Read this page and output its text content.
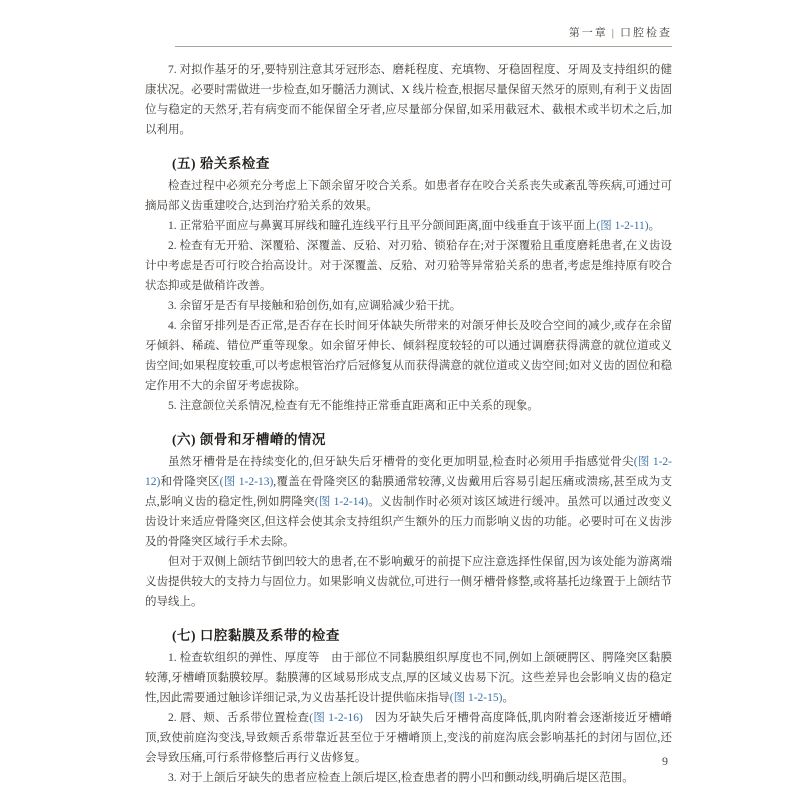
第一章 | 口腔检查

7. 对拟作基牙的牙,要特别注意其牙冠形态、磨耗程度、充填物、牙稳固程度、牙周及支持组织的健康状况。必要时需做进一步检查,如牙髓活力测试、X 线片检查,根据尽量保留天然牙的原则,有利于义齿固位与稳定的天然牙,若有病变而不能保留全牙者,应尽量部分保留,如采用截冠术、截根术或半切术之后,加以利用。

(五) 𬌗关系检查

检查过程中必须充分考虑上下颌余留牙咬合关系。如患者存在咬合关系丧失或紊乱等疾病,可通过可摘局部义齿重建咬合,达到治疗𬌗关系的效果。

1. 正常𬌗平面应与鼻翼耳屏线和瞳孔连线平行且平分颌间距离,面中线垂直于该平面上(图 1-2-11)。

2. 检查有无开𬌗、深覆𬌗、深覆盖、反𬌗、对刃𬌗、锁𬌗存在;对于深覆𬌗且重度磨耗患者,在义齿设计中考虑是否可行咬合抬高设计。对于深覆盖、反𬌗、对刃𬌗等异常𬌗关系的患者,考虑是维持原有咬合状态抑或是做稍许改善。

3. 余留牙是否有早接触和𬌗创伤,如有,应调𬌗减少𬌗干扰。

4. 余留牙排列是否正常,是否存在长时间牙体缺失所带来的对颌牙伸长及咬合空间的减少,或存在余留牙倾斜、稀疏、错位严重等现象。如余留牙伸长、倾斜程度较轻的可以通过调磨获得满意的就位道或义齿空间;如果程度较重,可以考虑根管治疗后冠修复从而获得满意的就位道或义齿空间;如对义齿的固位和稳定作用不大的余留牙考虑拔除。

5. 注意颌位关系情况,检查有无不能维持正常垂直距离和正中关系的现象。

(六) 颌骨和牙槽嵴的情况

虽然牙槽骨是在持续变化的,但牙缺失后牙槽骨的变化更加明显,检查时必须用手指感觉骨尖(图 1-2-12)和骨隆突区(图 1-2-13),覆盖在骨隆突区的黏膜通常较薄,义齿戴用后容易引起压痛或溃疡,甚至成为支点,影响义齿的稳定性,例如腭隆突(图 1-2-14)。义齿制作时必须对该区域进行缓冲。虽然可以通过改变义齿设计来适应骨隆突区,但这样会使其余支持组织产生额外的压力而影响义齿的功能。必要时可在义齿涉及的骨隆突区域行手术去除。

但对于双侧上颌结节倒凹较大的患者,在不影响戴牙的前提下应注意选择性保留,因为该处能为游离端义齿提供较大的支持力与固位力。如果影响义齿就位,可进行一侧牙槽骨修整,或将基托边缘置于上颌结节的导线上。

(七) 口腔黏膜及系带的检查

1. 检查软组织的弹性、厚度等　由于部位不同黏膜组织厚度也不同,例如上颌硬腭区、腭隆突区黏膜较薄,牙槽嵴顶黏膜较厚。黏膜薄的区域易形成支点,厚的区域义齿易下沉。这些差异也会影响义齿的稳定性,因此需要通过触诊详细记录,为义齿基托设计提供临床指导(图 1-2-15)。

2. 唇、颊、舌系带位置检查(图 1-2-16)　因为牙缺失后牙槽骨高度降低,肌肉附着会逐渐接近牙槽嵴顶,致使前庭沟变浅,导致颊舌系带靠近甚至位于牙槽嵴顶上,变浅的前庭沟底会影响基托的封闭与固位,还会导致压痛,可行系带修整后再行义齿修复。

3. 对于上颌后牙缺失的患者应检查上颌后堤区,检查患者的腭小凹和颤动线,明确后堤区范围。

9
